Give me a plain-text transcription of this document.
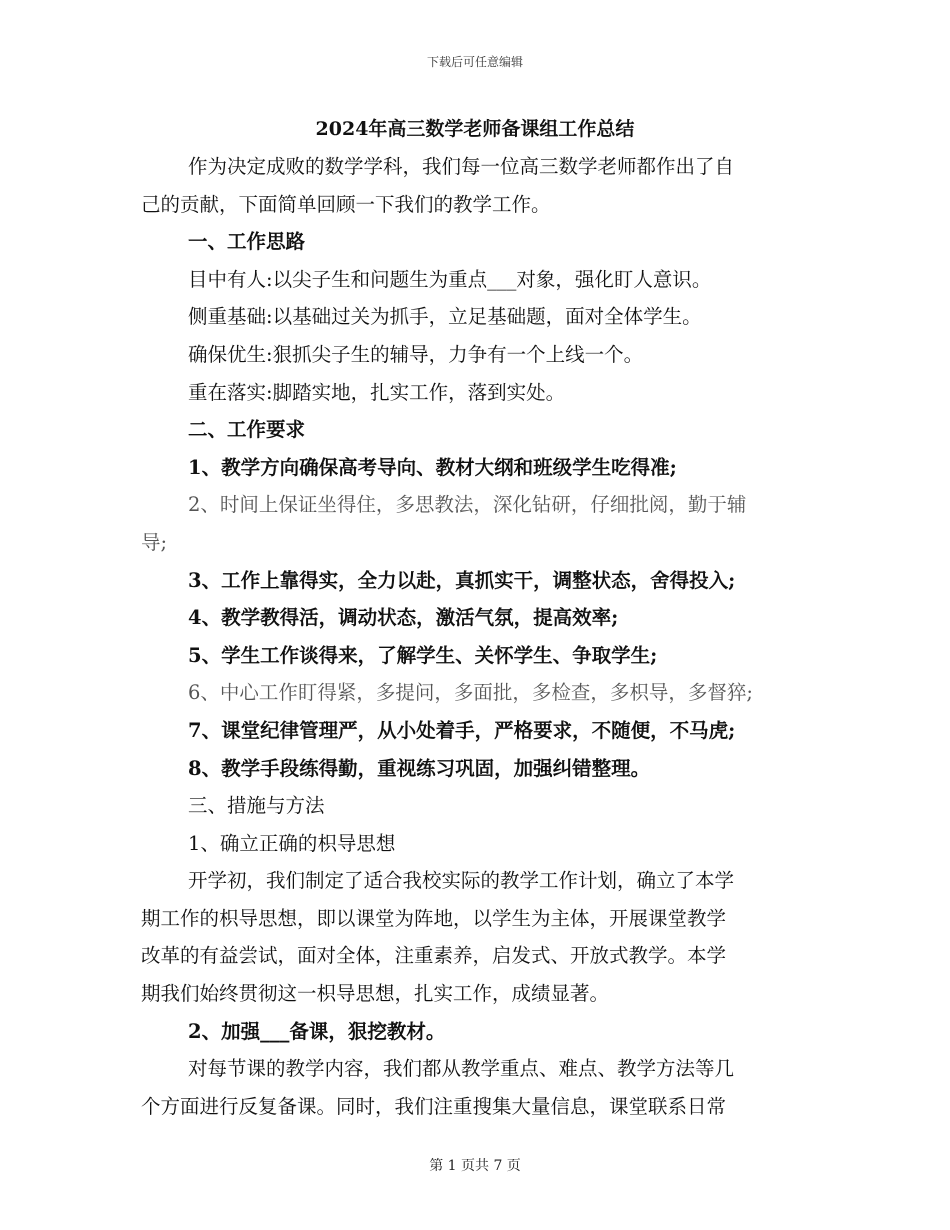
下载后可任意编辑
2024年高三数学老师备课组工作总结
作为决定成败的数学学科，我们每一位高三数学老师都作出了自
己的贡献，下面简单回顾一下我们的教学工作。
一、工作思路
目中有人:以尖子生和问题生为重点___对象，强化盯人意识。
侧重基础:以基础过关为抓手，立足基础题，面对全体学生。
确保优生:狠抓尖子生的辅导，力争有一个上线一个。
重在落实:脚踏实地，扎实工作，落到实处。
二、工作要求
1、教学方向确保高考导向、教材大纲和班级学生吃得准;
2、时间上保证坐得住，多思教法，深化钻研，仔细批阅，勤于辅
导;
3、工作上靠得实，全力以赴，真抓实干，调整状态，舍得投入;
4、教学教得活，调动状态，激活气氛，提高效率;
5、学生工作谈得来，了解学生、关怀学生、争取学生;
6、中心工作盯得紧，多提问，多面批，多检查，多枳导，多督猝;
7、课堂纪律管理严，从小处着手，严格要求，不随便，不马虎;
8、教学手段练得勤，重视练习巩固，加强纠错整理。
三、措施与方法
1、确立正确的枳导思想
开学初，我们制定了适合我校实际的教学工作计划，确立了本学
期工作的枳导思想，即以课堂为阵地，以学生为主体，开展课堂教学
改革的有益尝试，面对全体，注重素养，启发式、开放式教学。本学
期我们始终贯彻这一枳导思想，扎实工作，成绩显著。
2、加强___备课，狠挖教材。
对每节课的教学内容，我们都从教学重点、难点、教学方法等几
个方面进行反复备课。同时，我们注重搜集大量信息，课堂联系日常
第 1 页共 7 页
